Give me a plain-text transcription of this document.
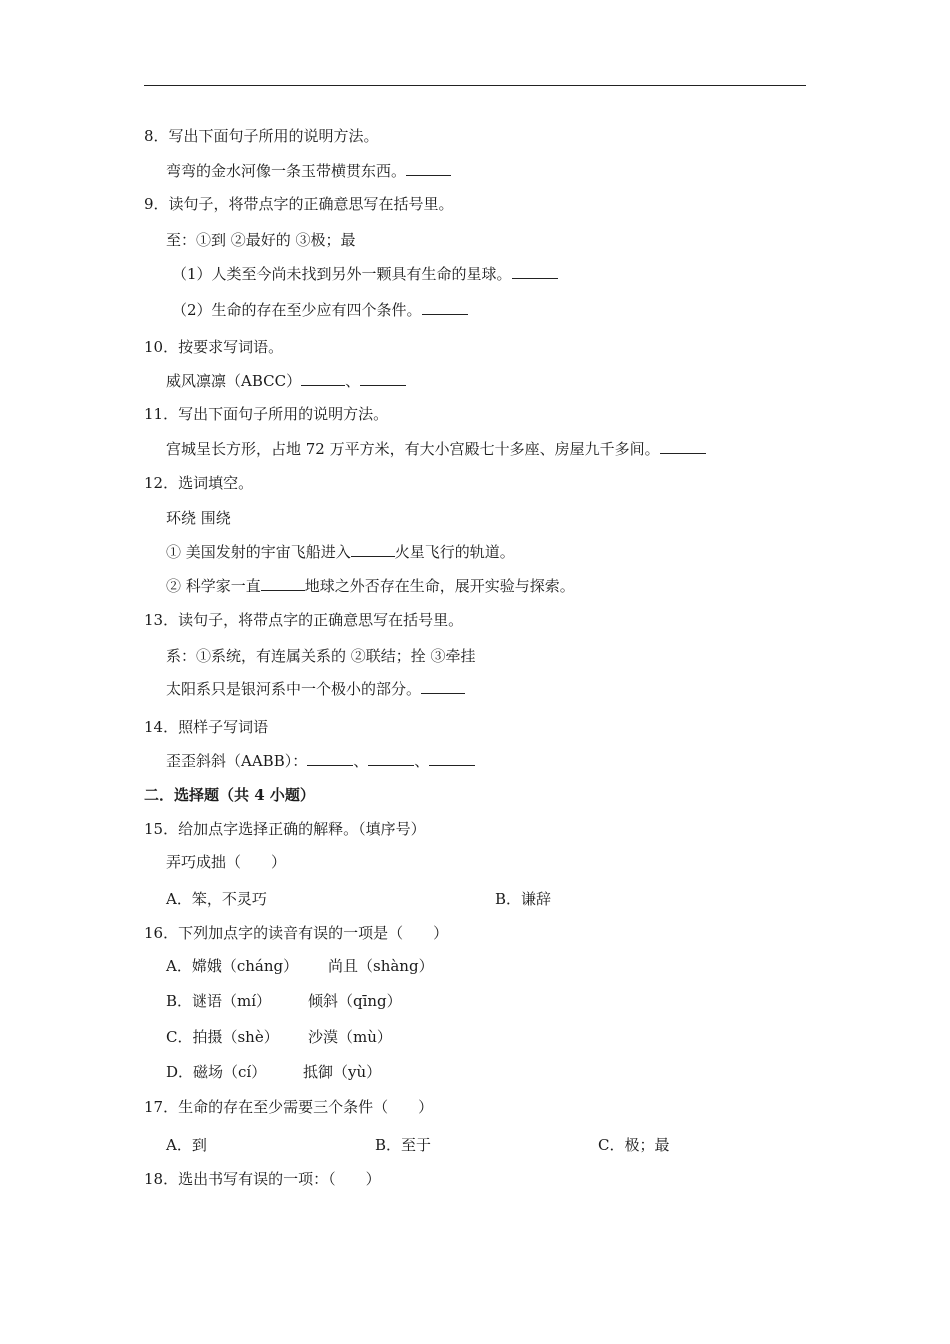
8．写出下面句子所用的说明方法。
弯弯的金水河像一条玉带横贯东西。
9．读句子，将带点字的正确意思写在括号里。
至：①到 ②最好的 ③极；最
（1）人类至今尚未找到另外一颗具有生命的星球。
（2）生命的存在至少应有四个条件。
10．按要求写词语。
威风凛凛（ABCC）	、
11．写出下面句子所用的说明方法。
宫城呈长方形，占地 72 万平方米，有大小宫殿七十多座、房屋九千多间。
12．选词填空。
环绕 围绕
① 美国发射的宇宙飞船进入	火星飞行的轨道。
② 科学家一直	地球之外否存在生命，展开实验与探索。
13．读句子，将带点字的正确意思写在括号里。
系：①系统，有连属关系的 ②联结；拴 ③牵挂
太阳系只是银河系中一个极小的部分。
14．照样子写词语
歪歪斜斜（AABB）：	、	、
二．选择题（共 4 小题）
15．给加点字选择正确的解释。（填序号）
弄巧成拙（　　）
A．笨，不灵巧	B．谦辞
16．下列加点字的读音有误的一项是（　　）
A．嫦娥（cháng） 尚且（shàng）
B．谜语（mí） 倾斜（qīng）
C．拍摄（shè） 沙漠（mù）
D．磁场（cí） 抵御（yù）
17．生命的存在至少需要三个条件（　　）
A．到	B．至于	C．极；最
18．选出书写有误的一项：（　　）
